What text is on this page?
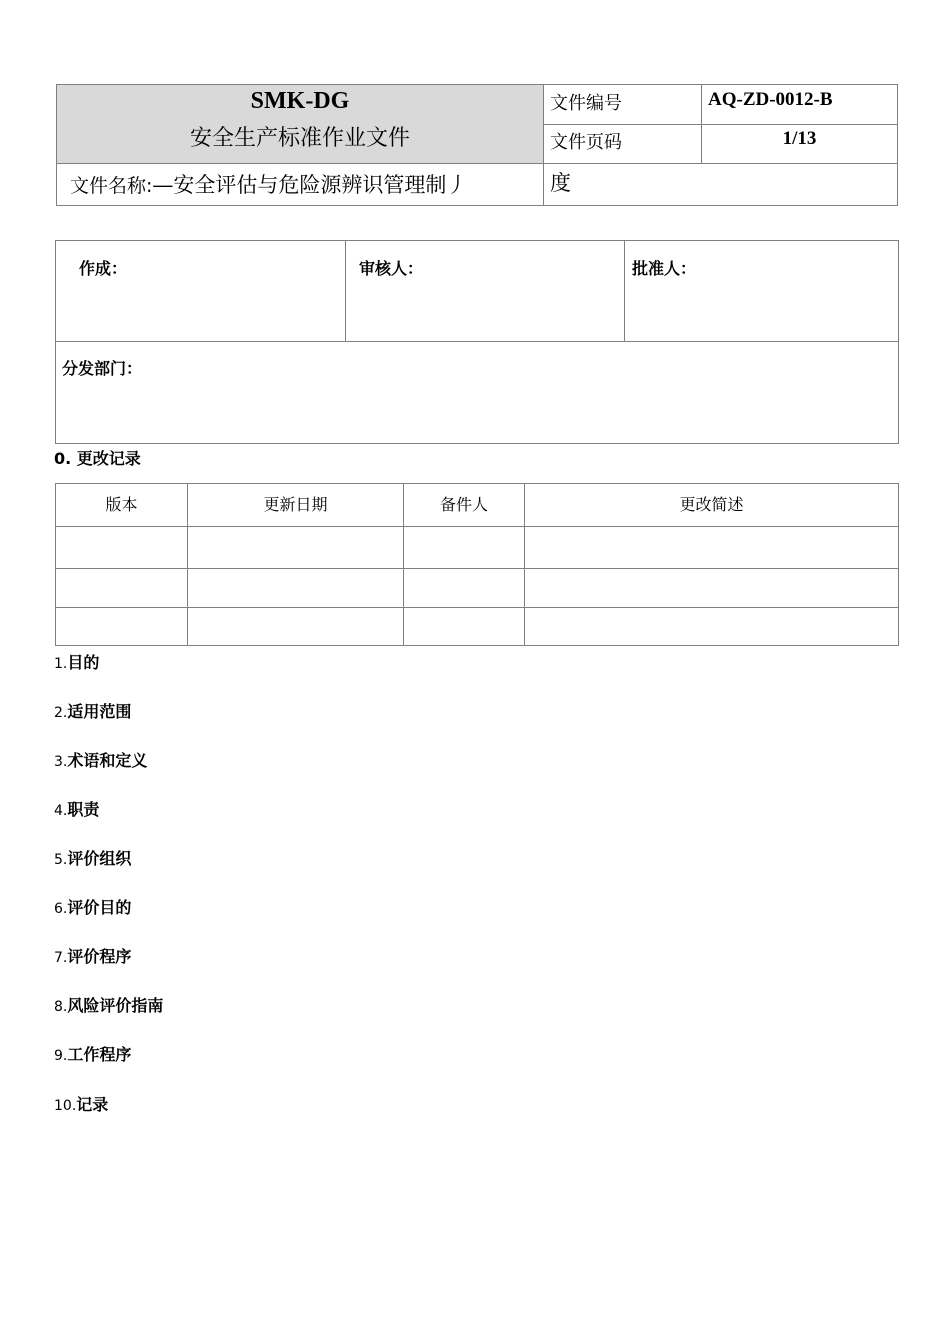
SMK-DG
安全生产标准作业文件
文件编号	AQ-ZD-0012-B
文件页码	1/13
文件名称:—安全评估与危险源辨识管理制丿	度
作成：	审核人：	批准人：
分发部门：
0. 更改记录
版本	更新日期	备件人	更改简述
1.目的
2.适用范围
3.术语和定义
4.职责
5.评价组织
6.评价目的
7.评价程序
8.风险评价指南
9.工作程序
10.记录
